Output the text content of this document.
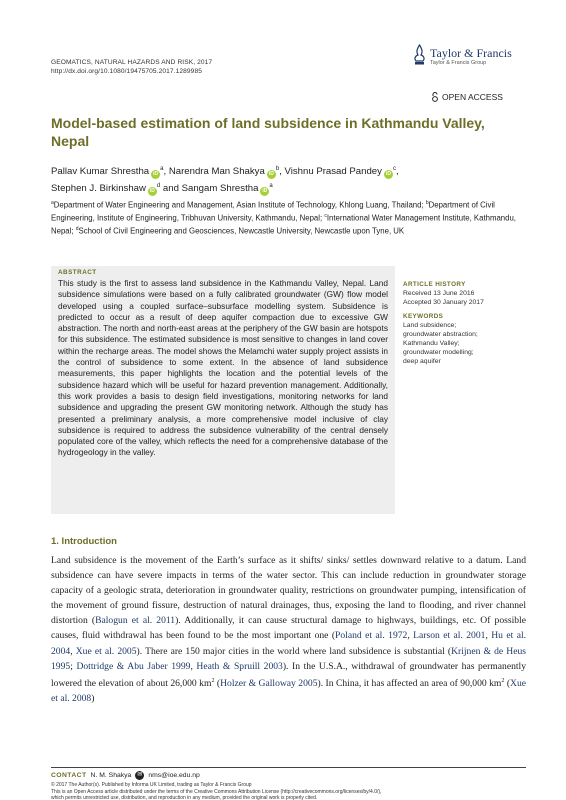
GEOMATICS, NATURAL HAZARDS AND RISK, 2017
http://dx.doi.org/10.1080/19475705.2017.1289985
Taylor & Francis
Taylor & Francis Group
OPEN ACCESS
Model-based estimation of land subsidence in Kathmandu Valley, Nepal
Pallav Kumar Shrestha $iD^a$, Narendra Man Shakya $iD^b$, Vishnu Prasad Pandey $iD^c$,
Stephen J. Birkinshaw $iD^d$ and Sangam Shrestha $iD^a$
$^a$Department of Water Engineering and Management, Asian Institute of Technology, Khlong Luang, Thailand; $^b$Department of Civil Engineering, Institute of Engineering, Tribhuvan University, Kathmandu, Nepal; $^c$International Water Management Institute, Kathmandu, Nepal; $^d$School of Civil Engineering and Geosciences, Newcastle University, Newcastle upon Tyne, UK
ABSTRACT
This study is the first to assess land subsidence in the Kathmandu Valley, Nepal. Land subsidence simulations were based on a fully calibrated groundwater (GW) flow model developed using a coupled surface–subsurface modelling system. Subsidence is predicted to occur as a result of deep aquifer compaction due to excessive GW abstraction. The north and north-east areas at the periphery of the GW basin are hotspots for this subsidence. The estimated subsidence is most sensitive to changes in land cover within the recharge areas. The model shows the Melamchi water supply project assists in the control of subsidence to some extent. In the absence of land subsidence measurements, this paper highlights the location and the potential levels of the subsidence hazard which will be useful for hazard prevention management. Additionally, this work provides a basis to design field investigations, monitoring networks for land subsidence and upgrading the present GW monitoring network. Although the study has presented a preliminary analysis, a more comprehensive model inclusive of clay subsidence is required to address the subsidence vulnerability of the central densely populated core of the valley, which reflects the need for a comprehensive database of the hydrogeology in the valley.
ARTICLE HISTORY
Received 13 June 2016
Accepted 30 January 2017
KEYWORDS
Land subsidence;
groundwater abstraction;
Kathmandu Valley;
groundwater modelling;
deep aquifer
1. Introduction
Land subsidence is the movement of the Earth’s surface as it shifts/ sinks/ settles downward relative to a datum. Land subsidence can have severe impacts in terms of the water sector. This can include reduction in groundwater storage capacity of a geologic strata, deterioration in groundwater quality, restrictions on groundwater pumping, intensification of the movement of ground fissure, destruction of natural drainages, thus, exposing the land to flooding, and river channel distortion (Balogun et al. 2011). Additionally, it can cause structural damage to highways, buildings, etc. Of possible causes, fluid withdrawal has been found to be the most important one (Poland et al. 1972, Larson et al. 2001, Hu et al. 2004, Xue et al. 2005). There are 150 major cities in the world where land subsidence is substantial (Krijnen & de Heus 1995; Dottridge & Abu Jaber 1999, Heath & Spruill 2003). In the U.S.A., withdrawal of groundwater has permanently lowered the elevation of about 26,000 $km^2$ (Holzer & Galloway 2005). In China, it has affected an area of 90,000 $km^2$ (Xue et al. 2008)
CONTACT N. M. Shakya ✉ nms@ioe.edu.np
© 2017 The Author(s). Published by Informa UK Limited, trading as Taylor & Francis Group
This is an Open Access article distributed under the terms of the Creative Commons Attribution License (http://creativecommons.org/licenses/by/4.0/),
which permits unrestricted use, distribution, and reproduction in any medium, provided the original work is properly cited.
